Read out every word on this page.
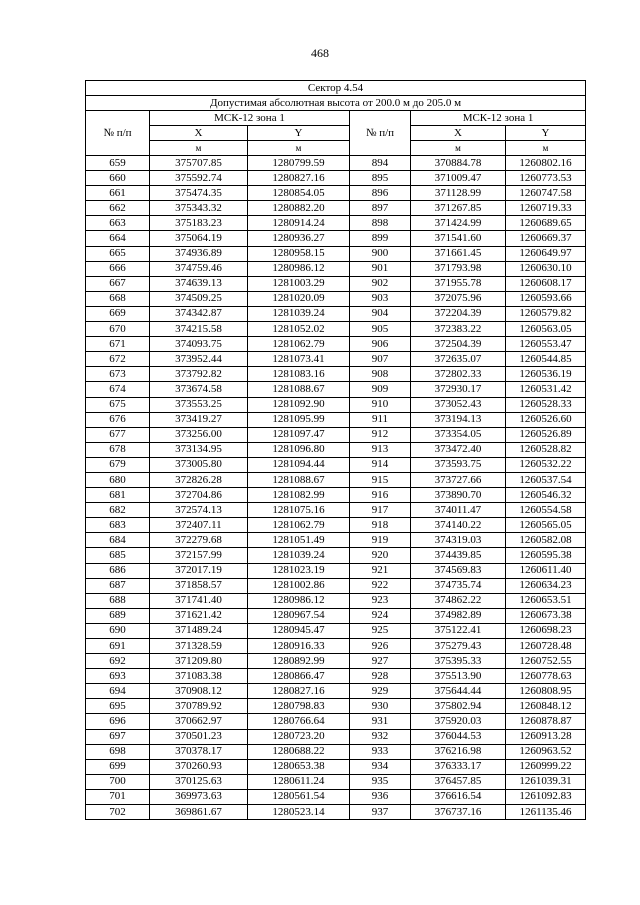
468
Сектор 4.54					
Допустимая абсолютная высота от 200.0 м до 205.0 м					
№ п/п	МСК-12 зона 1		№ п/п	МСК-12 зона 1	
	X	Y		X	Y
	м	м		м	м
659	375707.85	1280799.59	894	370884.78	1260802.16
660	375592.74	1280827.16	895	371009.47	1260773.53
661	375474.35	1280854.05	896	371128.99	1260747.58
662	375343.32	1280882.20	897	371267.85	1260719.33
663	375183.23	1280914.24	898	371424.99	1260689.65
664	375064.19	1280936.27	899	371541.60	1260669.37
665	374936.89	1280958.15	900	371661.45	1260649.97
666	374759.46	1280986.12	901	371793.98	1260630.10
667	374639.13	1281003.29	902	371955.78	1260608.17
668	374509.25	1281020.09	903	372075.96	1260593.66
669	374342.87	1281039.24	904	372204.39	1260579.82
670	374215.58	1281052.02	905	372383.22	1260563.05
671	374093.75	1281062.79	906	372504.39	1260553.47
672	373952.44	1281073.41	907	372635.07	1260544.85
673	373792.82	1281083.16	908	372802.33	1260536.19
674	373674.58	1281088.67	909	372930.17	1260531.42
675	373553.25	1281092.90	910	373052.43	1260528.33
676	373419.27	1281095.99	911	373194.13	1260526.60
677	373256.00	1281097.47	912	373354.05	1260526.89
678	373134.95	1281096.80	913	373472.40	1260528.82
679	373005.80	1281094.44	914	373593.75	1260532.22
680	372826.28	1281088.67	915	373727.66	1260537.54
681	372704.86	1281082.99	916	373890.70	1260546.32
682	372574.13	1281075.16	917	374011.47	1260554.58
683	372407.11	1281062.79	918	374140.22	1260565.05
684	372279.68	1281051.49	919	374319.03	1260582.08
685	372157.99	1281039.24	920	374439.85	1260595.38
686	372017.19	1281023.19	921	374569.83	1260611.40
687	371858.57	1281002.86	922	374735.74	1260634.23
688	371741.40	1280986.12	923	374862.22	1260653.51
689	371621.42	1280967.54	924	374982.89	1260673.38
690	371489.24	1280945.47	925	375122.41	1260698.23
691	371328.59	1280916.33	926	375279.43	1260728.48
692	371209.80	1280892.99	927	375395.33	1260752.55
693	371083.38	1280866.47	928	375513.90	1260778.63
694	370908.12	1280827.16	929	375644.44	1260808.95
695	370789.92	1280798.83	930	375802.94	1260848.12
696	370662.97	1280766.64	931	375920.03	1260878.87
697	370501.23	1280723.20	932	376044.53	1260913.28
698	370378.17	1280688.22	933	376216.98	1260963.52
699	370260.93	1280653.38	934	376333.17	1260999.22
700	370125.63	1280611.24	935	376457.85	1261039.31
701	369973.63	1280561.54	936	376616.54	1261092.83
702	369861.67	1280523.14	937	376737.16	1261135.46
